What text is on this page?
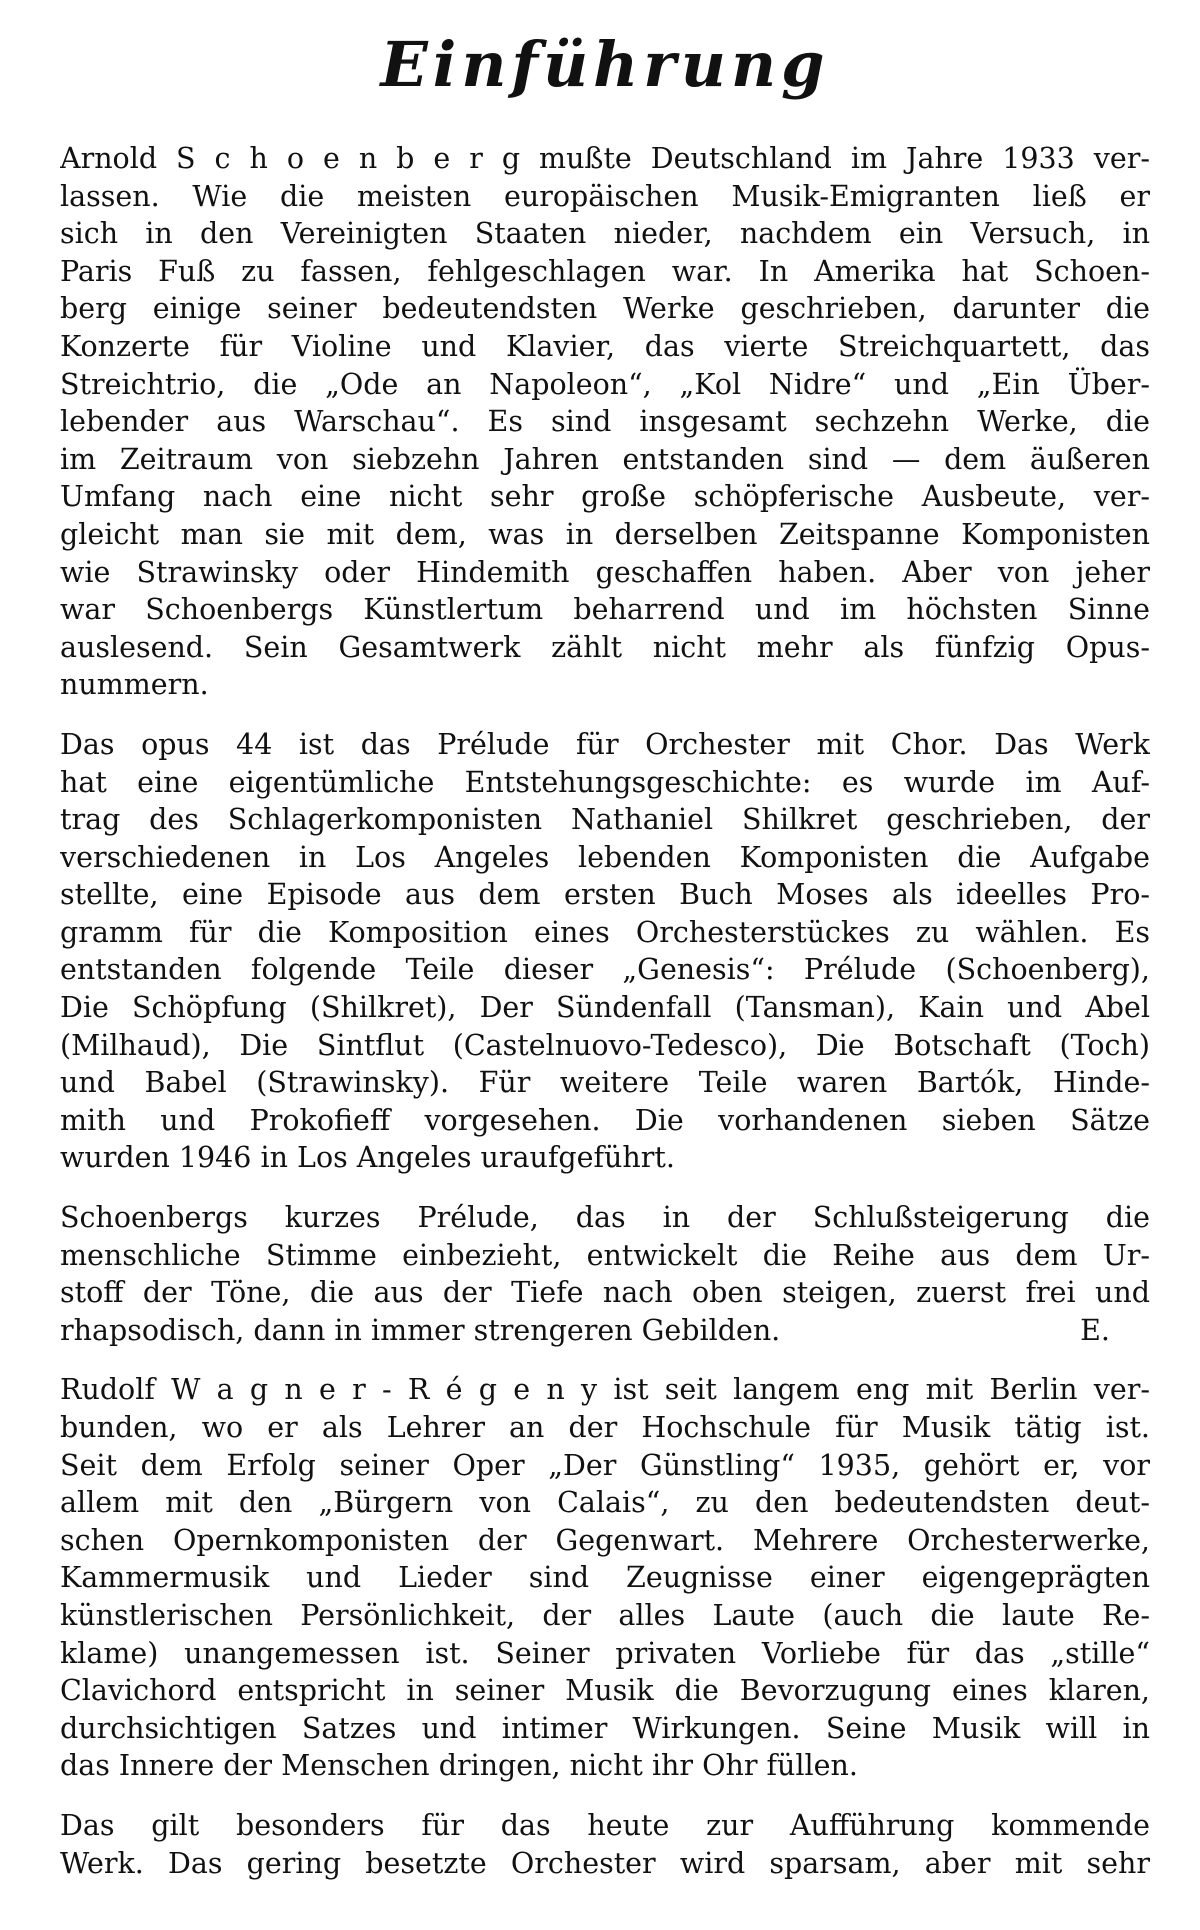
Einführung
Arnold S c h o e n b e r g mußte Deutschland im Jahre 1933 ver-
lassen. Wie die meisten europäischen Musik-Emigranten ließ er
sich in den Vereinigten Staaten nieder, nachdem ein Versuch, in
Paris Fuß zu fassen, fehlgeschlagen war. In Amerika hat Schoen-
berg einige seiner bedeutendsten Werke geschrieben, darunter die
Konzerte für Violine und Klavier, das vierte Streichquartett, das
Streichtrio, die „Ode an Napoleon“, „Kol Nidre“ und „Ein Über-
lebender aus Warschau“. Es sind insgesamt sechzehn Werke, die
im Zeitraum von siebzehn Jahren entstanden sind — dem äußeren
Umfang nach eine nicht sehr große schöpferische Ausbeute, ver-
gleicht man sie mit dem, was in derselben Zeitspanne Komponisten
wie Strawinsky oder Hindemith geschaffen haben. Aber von jeher
war Schoenbergs Künstlertum beharrend und im höchsten Sinne
auslesend. Sein Gesamtwerk zählt nicht mehr als fünfzig Opus-
nummern.
Das opus 44 ist das Prélude für Orchester mit Chor. Das Werk
hat eine eigentümliche Entstehungsgeschichte: es wurde im Auf-
trag des Schlagerkomponisten Nathaniel Shilkret geschrieben, der
verschiedenen in Los Angeles lebenden Komponisten die Aufgabe
stellte, eine Episode aus dem ersten Buch Moses als ideelles Pro-
gramm für die Komposition eines Orchesterstückes zu wählen. Es
entstanden folgende Teile dieser „Genesis“: Prélude (Schoenberg),
Die Schöpfung (Shilkret), Der Sündenfall (Tansman), Kain und Abel
(Milhaud), Die Sintflut (Castelnuovo-Tedesco), Die Botschaft (Toch)
und Babel (Strawinsky). Für weitere Teile waren Bartók, Hinde-
mith und Prokofieff vorgesehen. Die vorhandenen sieben Sätze
wurden 1946 in Los Angeles uraufgeführt.
Schoenbergs kurzes Prélude, das in der Schlußsteigerung die
menschliche Stimme einbezieht, entwickelt die Reihe aus dem Ur-
stoff der Töne, die aus der Tiefe nach oben steigen, zuerst frei und
rhapsodisch, dann in immer strengeren Gebilden.	E.
Rudolf W a g n e r - R é g e n y ist seit langem eng mit Berlin ver-
bunden, wo er als Lehrer an der Hochschule für Musik tätig ist.
Seit dem Erfolg seiner Oper „Der Günstling“ 1935, gehört er, vor
allem mit den „Bürgern von Calais“, zu den bedeutendsten deut-
schen Opernkomponisten der Gegenwart. Mehrere Orchesterwerke,
Kammermusik und Lieder sind Zeugnisse einer eigengeprägten
künstlerischen Persönlichkeit, der alles Laute (auch die laute Re-
klame) unangemessen ist. Seiner privaten Vorliebe für das „stille“
Clavichord entspricht in seiner Musik die Bevorzugung eines klaren,
durchsichtigen Satzes und intimer Wirkungen. Seine Musik will in
das Innere der Menschen dringen, nicht ihr Ohr füllen.
Das gilt besonders für das heute zur Aufführung kommende
Werk. Das gering besetzte Orchester wird sparsam, aber mit sehr
